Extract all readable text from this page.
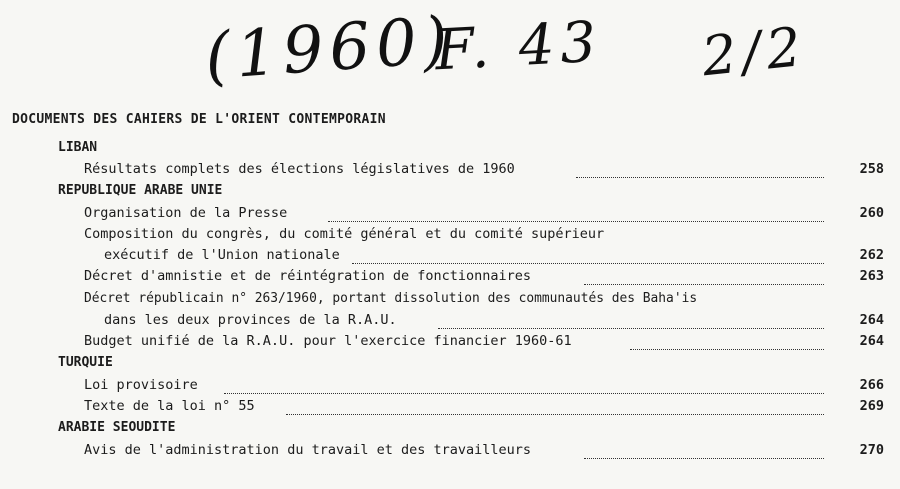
(1960)
F. 43 2/2
DOCUMENTS DES CAHIERS DE L'ORIENT CONTEMPORAIN
LIBAN
Résultats complets des élections législatives de 1960	258
REPUBLIQUE ARABE UNIE
Organisation de la Presse	260
Composition du congrès, du comité général et du comité supérieur
exécutif de l'Union nationale	262
Décret d'amnistie et de réintégration de fonctionnaires	263
Décret républicain n° 263/1960, portant dissolution des communautés des Baha'is
dans les deux provinces de la R.A.U.	264
Budget unifié de la R.A.U. pour l'exercice financier 1960-61	264
TURQUIE
Loi provisoire	266
Texte de la loi n° 55	269
ARABIE SEOUDITE
Avis de l'administration du travail et des travailleurs	270
